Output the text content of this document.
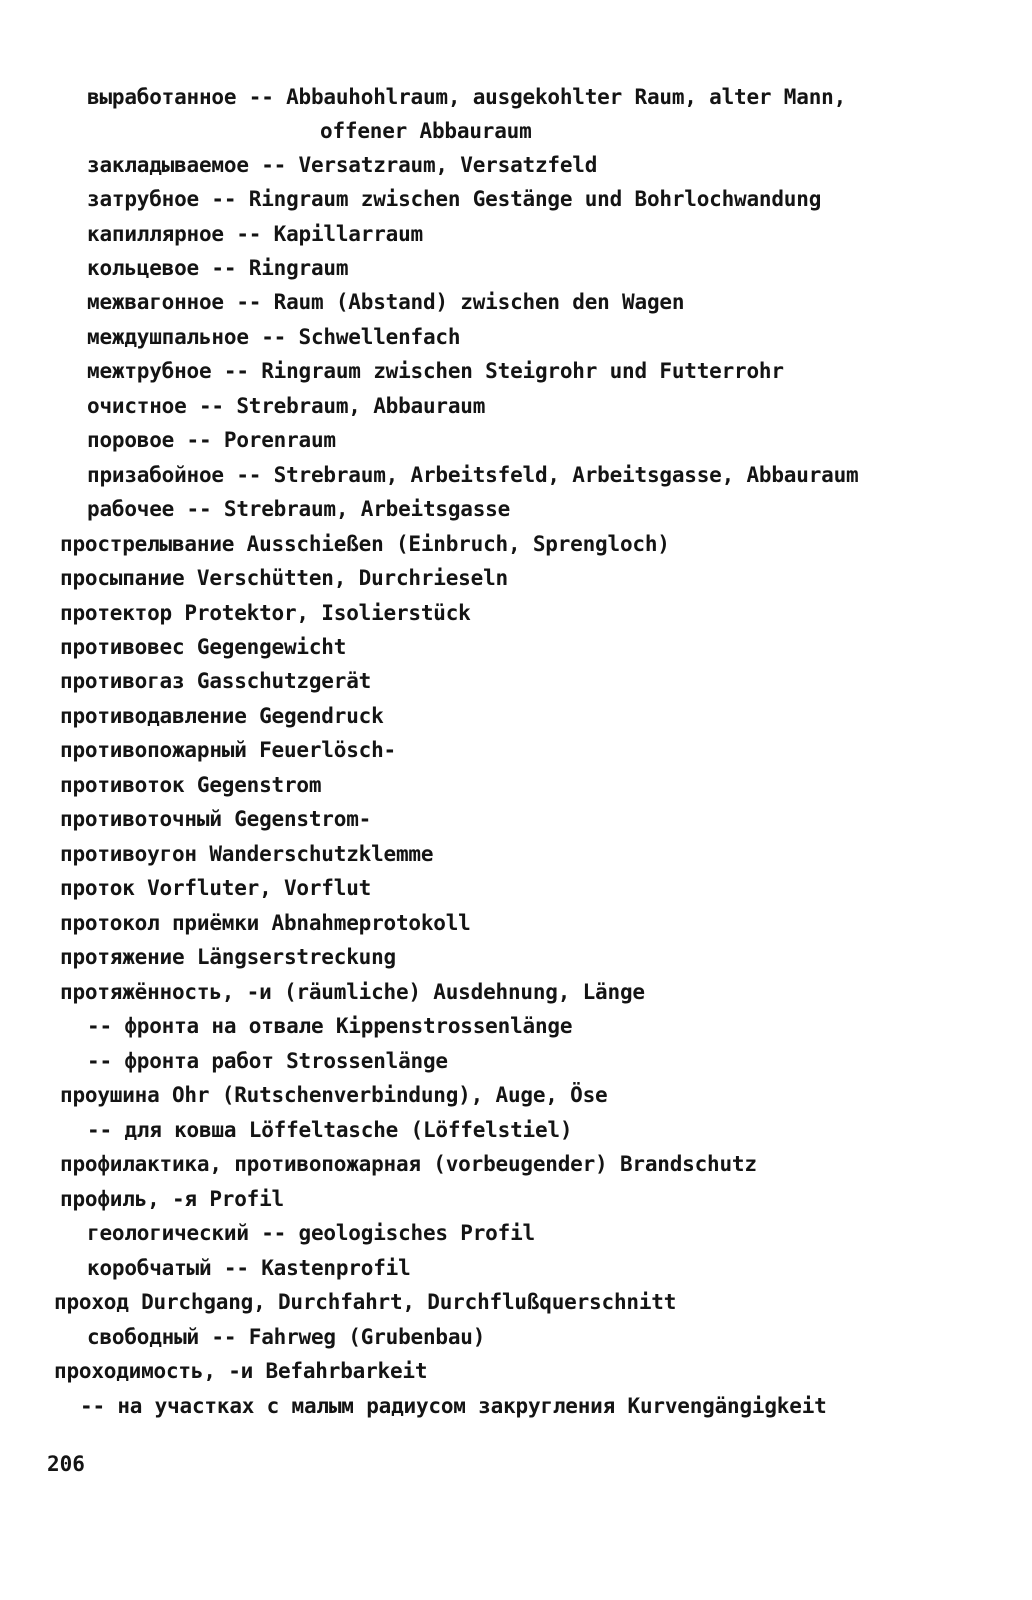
выработанное -- Abbauhohlraum, ausgekohlter Raum, alter Mann,
offener Abbauraum
закладываемое -- Versatzraum, Versatzfeld
затрубное -- Ringraum zwischen Gestänge und Bohrlochwandung
капиллярное -- Kapillarraum
кольцевое -- Ringraum
межвагонное -- Raum (Abstand) zwischen den Wagen
междушпальное -- Schwellenfach
межтрубное -- Ringraum zwischen Steigrohr und Futterrohr
очистное -- Strebraum, Abbauraum
поровое -- Porenraum
призабойное -- Strebraum, Arbeitsfeld, Arbeitsgasse, Abbauraum
рабочее -- Strebraum, Arbeitsgasse
прострелывание Ausschießen (Einbruch, Sprengloch)
просыпание Verschütten, Durchrieseln
протектор Protektor, Isolierstück
противовес Gegengewicht
противогаз Gasschutzgerät
противодавление Gegendruck
противопожарный Feuerlösch-
противоток Gegenstrom
противоточный Gegenstrom-
противоугон Wanderschutzklemme
проток Vorfluter, Vorflut
протокол приёмки Abnahmeprotokoll
протяжение Längserstreckung
протяжённость, -и (räumliche) Ausdehnung, Länge
-- фронта на отвале Kippenstrossenlänge
-- фронта работ Strossenlänge
проушина Ohr (Rutschenverbindung), Auge, Öse
-- для ковша Löffeltasche (Löffelstiel)
профилактика, противопожарная (vorbeugender) Brandschutz
профиль, -я Profil
геологический -- geologisches Profil
коробчатый -- Kastenprofil
проход Durchgang, Durchfahrt, Durchflußquerschnitt
свободный -- Fahrweg (Grubenbau)
проходимость, -и Befahrbarkeit
-- на участках с малым радиусом закругления Kurvengängigkeit
206
